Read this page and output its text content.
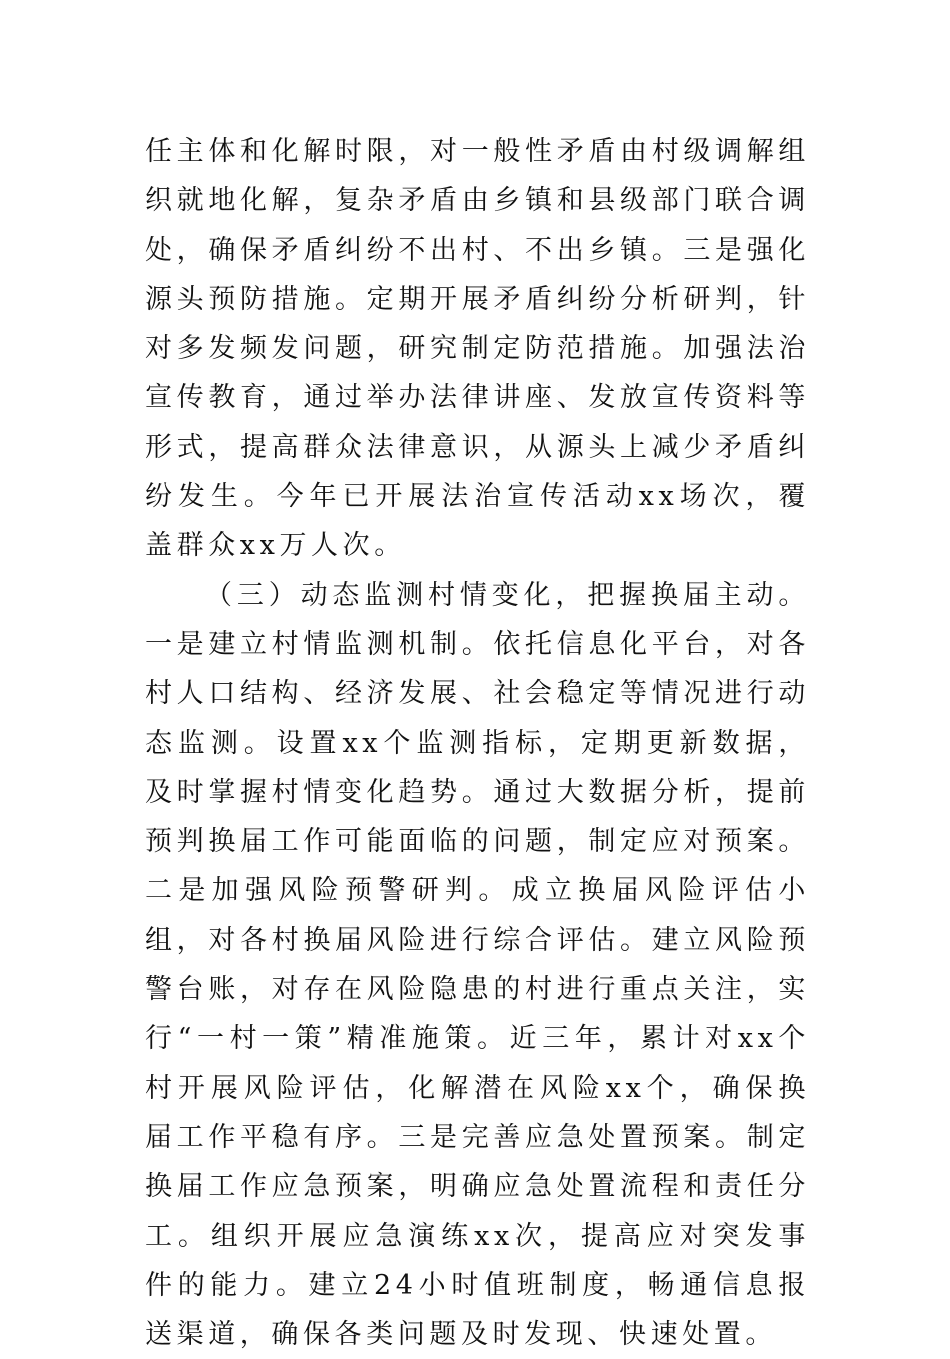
任主体和化解时限，对一般性矛盾由村级调解组织就地化解，复杂矛盾由乡镇和县级部门联合调处，确保矛盾纠纷不出村、不出乡镇。三是强化源头预防措施。定期开展矛盾纠纷分析研判，针对多发频发问题，研究制定防范措施。加强法治宣传教育，通过举办法律讲座、发放宣传资料等形式，提高群众法律意识，从源头上减少矛盾纠纷发生。今年已开展法治宣传活动xx场次，覆盖群众xx万人次。

（三）动态监测村情变化，把握换届主动。一是建立村情监测机制。依托信息化平台，对各村人口结构、经济发展、社会稳定等情况进行动态监测。设置xx个监测指标，定期更新数据，及时掌握村情变化趋势。通过大数据分析，提前预判换届工作可能面临的问题，制定应对预案。二是加强风险预警研判。成立换届风险评估小组，对各村换届风险进行综合评估。建立风险预警台账，对存在风险隐患的村进行重点关注，实行“一村一策”精准施策。近三年，累计对xx个村开展风险评估，化解潜在风险xx个，确保换届工作平稳有序。三是完善应急处置预案。制定换届工作应急预案，明确应急处置流程和责任分工。组织开展应急演练xx次，提高应对突发事件的能力。建立24小时值班制度，畅通信息报送渠道，确保各类问题及时发现、快速处置。
